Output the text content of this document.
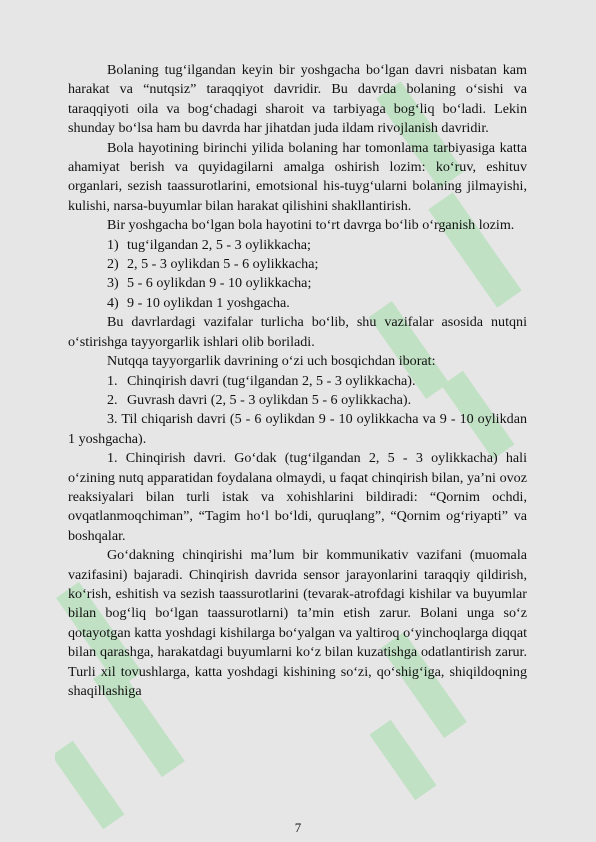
Bolaning tug‘ilgandan keyin bir yoshgacha bo‘lgan davri nisbatan kam harakat va “nutqsiz” taraqqiyot davridir. Bu davrda bolaning o‘sishi va taraqqiyoti oila va bog‘chadagi sharoit va tarbiyaga bog‘liq bo‘ladi. Lekin shunday bo‘lsa ham bu davrda har jihatdan juda ildam rivojlanish davridir.

Bola hayotining birinchi yilida bolaning har tomonlama tarbiyasiga katta ahamiyat berish va quyidagilarni amalga oshirish lozim: ko‘ruv, eshituv organlari, sezish taassurotlarini, emotsional his-tuyg‘ularni bolaning jilmayishi, kulishi, narsa-buyumlar bilan harakat qilishini shakllantirish.

Bir yoshgacha bo‘lgan bola hayotini to‘rt davrga bo‘lib o‘rganish lozim.

1) tug‘ilgandan 2, 5 - 3 oylikkacha;

2) 2, 5 - 3 oylikdan 5 - 6 oylikkacha;

3) 5 - 6 oylikdan 9 - 10 oylikkacha;

4) 9 - 10 oylikdan 1 yoshgacha.

Bu davrlardagi vazifalar turlicha bo‘lib, shu vazifalar asosida nutqni o‘stirishga tayyorgarlik ishlari olib boriladi.

Nutqqa tayyorgarlik davrining o‘zi uch bosqichdan iborat:

1. Chinqirish davri (tug‘ilgandan 2, 5 - 3 oylikkacha).

2. Guvrash davri (2, 5 - 3 oylikdan 5 - 6 oylikkacha).

3. Til chiqarish davri (5 - 6 oylikdan 9 - 10 oylikkacha va 9 - 10 oylikdan 1 yoshgacha).

1. Chinqirish davri. Go‘dak (tug‘ilgandan 2, 5 - 3 oylikkacha) hali o‘zining nutq apparatidan foydalana olmaydi, u faqat chinqirish bilan, ya’ni ovoz reaksiyalari bilan turli istak va xohishlarini bildiradi: “Qornim ochdi, ovqatlanmoqchiman”, “Tagim ho‘l bo‘ldi, quruqlang”, “Qornim og‘riyapti” va boshqalar.

Go‘dakning chinqirishi ma’lum bir kommunikativ vazifani (muomala vazifasini) bajaradi. Chinqirish davrida sensor jarayonlarini taraqqiy qildirish, ko‘rish, eshitish va sezish taassurotlarini (tevarak-atrofdagi kishilar va buyumlar bilan bog‘liq bo‘lgan taassurotlarni) ta’min etish zarur. Bolani unga so‘z qotayotgan katta yoshdagi kishilarga bo‘yalgan va yaltiroq o‘yinchoqlarga diqqat bilan qarashga, harakatdagi buyumlarni ko‘z bilan kuzatishga odatlantirish zarur. Turli xil tovushlarga, katta yoshdagi kishining so‘zi, qo‘shig‘iga, shiqildoqning shaqillashiga

7
